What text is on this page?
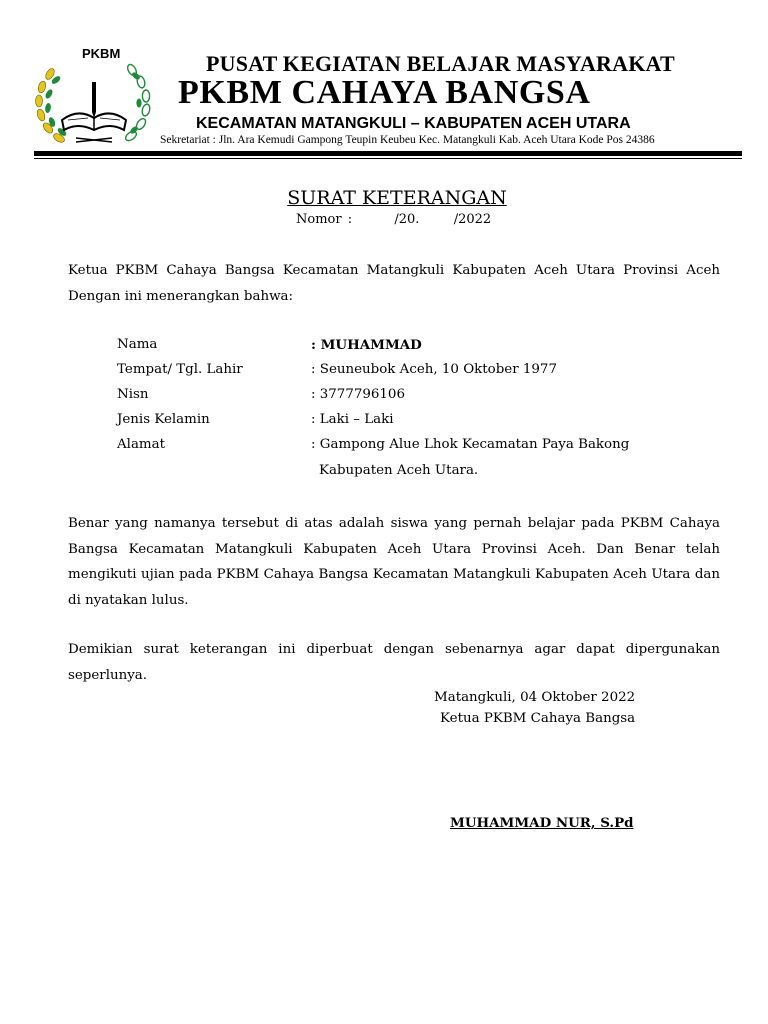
PKBM	PUSAT KEGIATAN BELAJAR MASYARAKAT
PKBM CAHAYA BANGSA
KECAMATAN MATANGKULI – KABUPATEN ACEH UTARA
Sekretariat : Jln. Ara Kemudi Gampong Teupin Keubeu Kec. Matangkuli Kab. Aceh Utara Kode Pos 24386
SURAT KETERANGAN
Nomor :	/20.	/2022
Ketua PKBM Cahaya Bangsa Kecamatan Matangkuli Kabupaten Aceh Utara Provinsi Aceh
Dengan ini menerangkan bahwa:
Nama	: MUHAMMAD
Tempat/ Tgl. Lahir	: Seuneubok Aceh, 10 Oktober 1977
Nisn	: 3777796106
Jenis Kelamin	: Laki – Laki
Alamat	: Gampong Alue Lhok Kecamatan Paya Bakong
Kabupaten Aceh Utara.
Benar yang namanya tersebut di atas adalah siswa yang pernah belajar pada PKBM Cahaya
Bangsa Kecamatan Matangkuli Kabupaten Aceh Utara Provinsi Aceh. Dan Benar telah
mengikuti ujian pada PKBM Cahaya Bangsa Kecamatan Matangkuli Kabupaten Aceh Utara dan
di nyatakan lulus.
Demikian surat keterangan ini diperbuat dengan sebenarnya agar dapat dipergunakan
seperlunya.
Matangkuli, 04 Oktober 2022
Ketua PKBM Cahaya Bangsa
MUHAMMAD NUR, S.Pd
